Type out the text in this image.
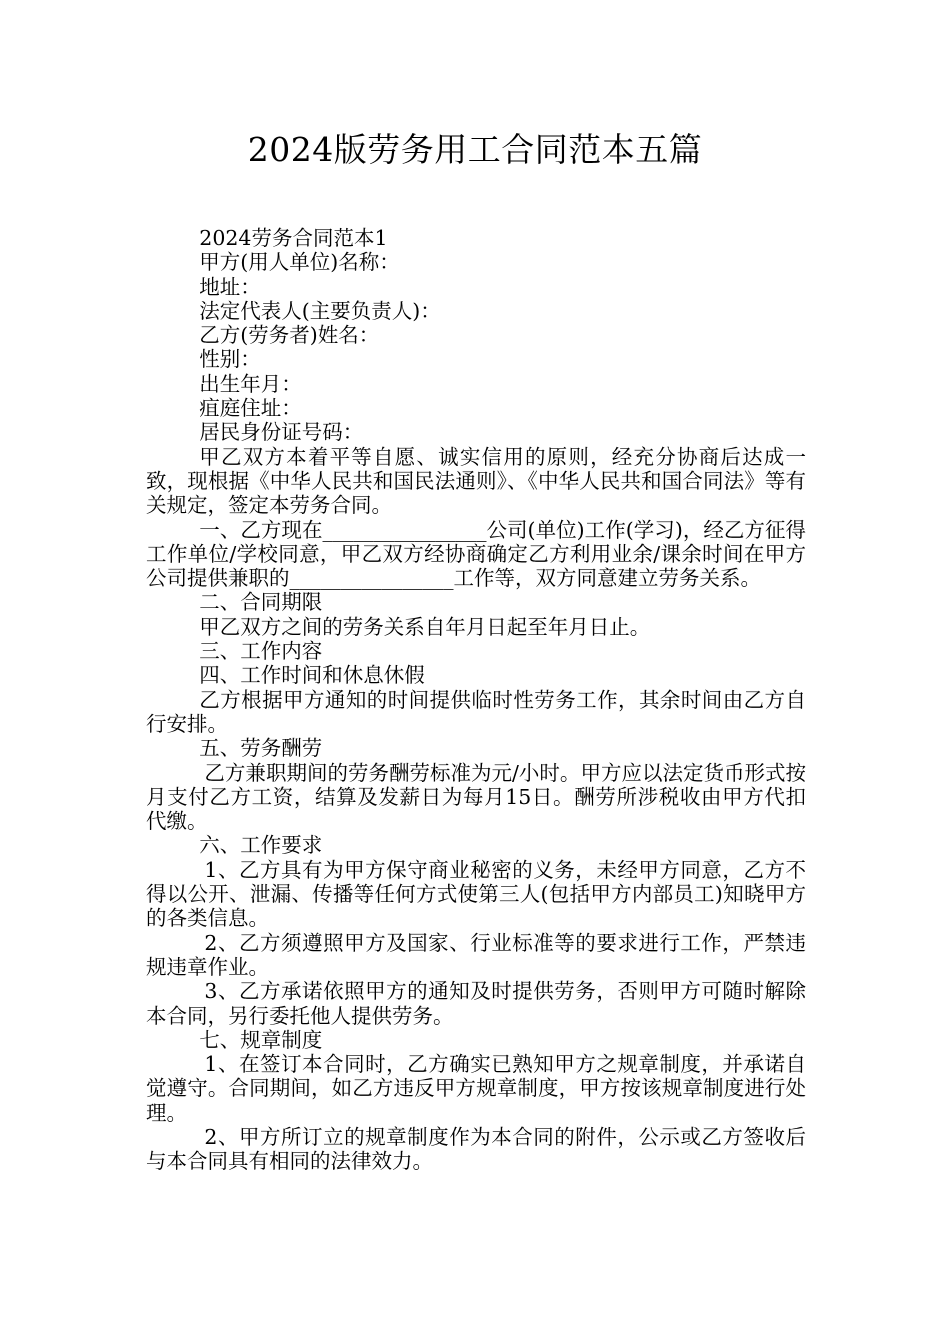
2024版劳务用工合同范本五篇

2024劳务合同范本1

甲方(用人单位)名称：

地址：

法定代表人(主要负责人)：

乙方(劳务者)姓名：

性别：

出生年月：

疽庭住址：

居民身份证号码：

甲乙双方本着平等自愿、诚实信用的原则，经充分协商后达成一致，现根据《中华人民共和国民法通则》、《中华人民共和国合同法》等有关规定，签定本劳务合同。

一、乙方现在________________公司(单位)工作(学习)，经乙方征得工作单位/学校同意，甲乙双方经协商确定乙方利用业余/课余时间在甲方公司提供兼职的________________工作等，双方同意建立劳务关系。

二、合同期限

甲乙双方之间的劳务关系自年月日起至年月日止。

三、工作内容

四、工作时间和休息休假

乙方根据甲方通知的时间提供临时性劳务工作，其余时间由乙方自行安排。

五、劳务酬劳

乙方兼职期间的劳务酬劳标准为元/小时。甲方应以法定货币形式按月支付乙方工资，结算及发薪日为每月15日。酬劳所涉税收由甲方代扣代缴。

六、工作要求

1、乙方具有为甲方保守商业秘密的义务，未经甲方同意，乙方不得以公开、泄漏、传播等任何方式使第三人(包括甲方内部员工)知晓甲方的各类信息。

2、乙方须遵照甲方及国家、行业标准等的要求进行工作，严禁违规违章作业。

3、乙方承诺依照甲方的通知及时提供劳务，否则甲方可随时解除本合同，另行委托他人提供劳务。

七、规章制度

1、在签订本合同时，乙方确实已熟知甲方之规章制度，并承诺自觉遵守。合同期间，如乙方违反甲方规章制度，甲方按该规章制度进行处理。

2、甲方所订立的规章制度作为本合同的附件，公示或乙方签收后与本合同具有相同的法律效力。
